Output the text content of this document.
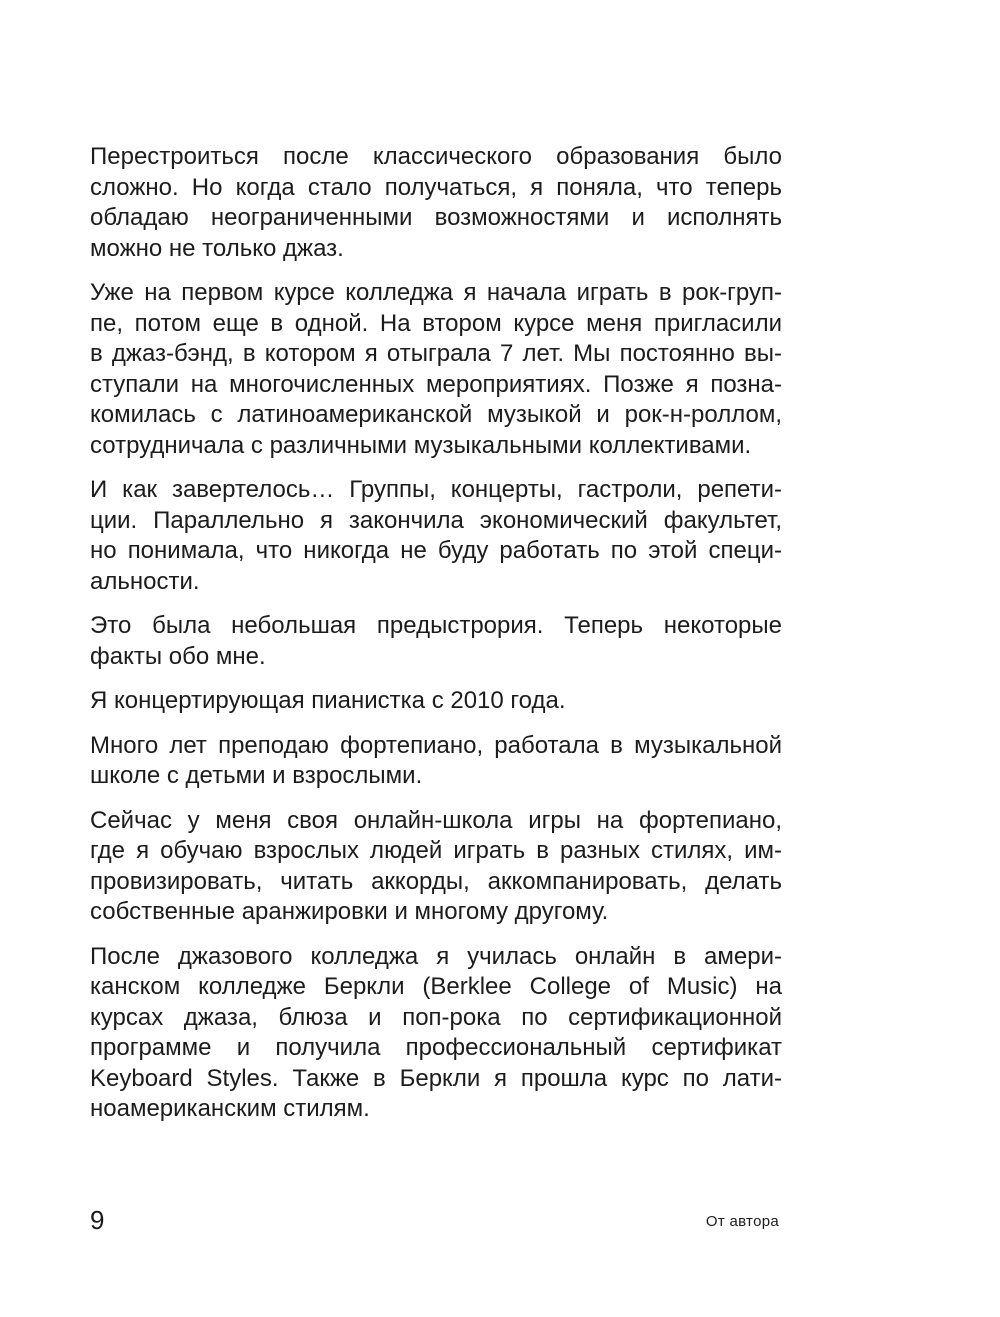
Перестроиться после классического образования было
сложно. Но когда стало получаться, я поняла, что теперь
обладаю неограниченными возможностями и исполнять
можно не только джаз.
Уже на первом курсе колледжа я начала играть в рок-груп-
пе, потом еще в одной. На втором курсе меня пригласили
в джаз-бэнд, в котором я отыграла 7 лет. Мы постоянно вы-
ступали на многочисленных мероприятиях. Позже я позна-
комилась с латиноамериканской музыкой и рок-н-роллом,
сотрудничала с различными музыкальными коллективами.
И как завертелось… Группы, концерты, гастроли, репети-
ции. Параллельно я закончила экономический факультет,
но понимала, что никогда не буду работать по этой специ-
альности.
Это была небольшая предыстрория. Теперь некоторые
факты обо мне.
Я концертирующая пианистка с 2010 года.
Много лет преподаю фортепиано, работала в музыкальной
школе с детьми и взрослыми.
Сейчас у меня своя онлайн-школа игры на фортепиано,
где я обучаю взрослых людей играть в разных стилях, им-
провизировать, читать аккорды, аккомпанировать, делать
собственные аранжировки и многому другому.
После джазового колледжа я училась онлайн в амери-
канском колледже Беркли (Berklee College of Music) на
курсах джаза, блюза и поп-рока по сертификационной
программе и получила профессиональный сертификат
Keyboard Styles. Также в Беркли я прошла курс по лати-
ноамериканским стилям.

9	От автора
